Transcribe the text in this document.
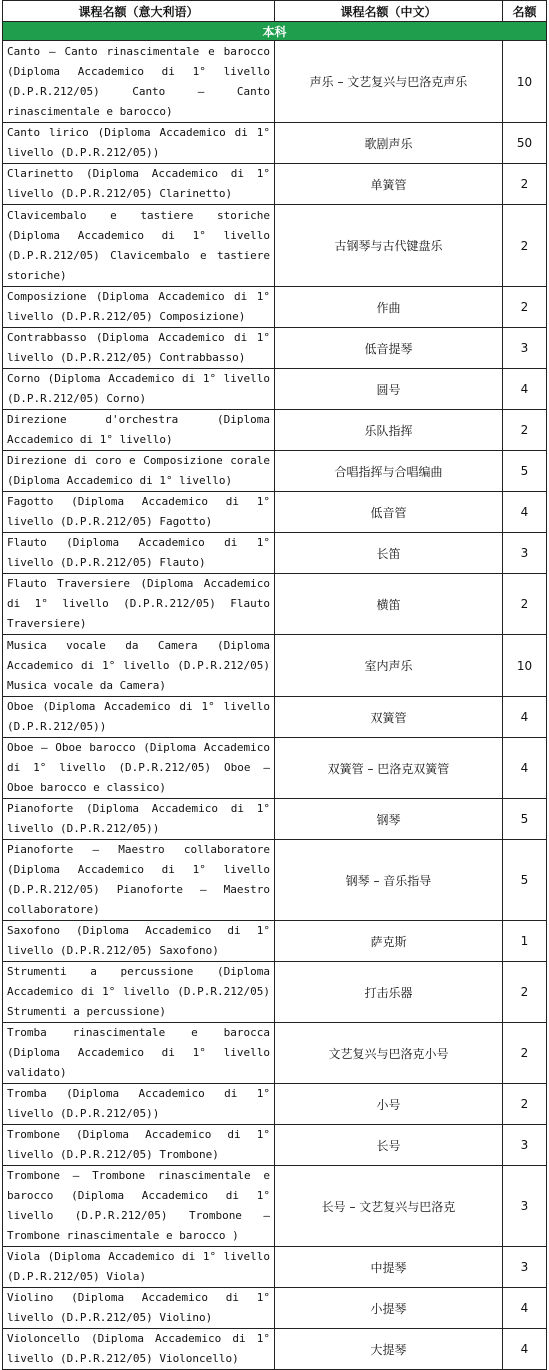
课程名额（意大利语）	课程名额（中文）	名额
本科		
Canto – Canto rinascimentale e barocco (Diploma Accademico di 1° livello (D.P.R.212/05) Canto – Canto rinascimentale e barocco)	声乐 – 文艺复兴与巴洛克声乐	10
Canto lirico (Diploma Accademico di 1° livello (D.P.R.212/05))	歌剧声乐	50
Clarinetto (Diploma Accademico di 1° livello (D.P.R.212/05) Clarinetto)	单簧管	2
Clavicembalo e tastiere storiche (Diploma Accademico di 1° livello (D.P.R.212/05) Clavicembalo e tastiere storiche)	古钢琴与古代键盘乐	2
Composizione (Diploma Accademico di 1° livello (D.P.R.212/05) Composizione)	作曲	2
Contrabbasso (Diploma Accademico di 1° livello (D.P.R.212/05) Contrabbasso)	低音提琴	3
Corno (Diploma Accademico di 1° livello (D.P.R.212/05) Corno)	圆号	4
Direzione d'orchestra (Diploma Accademico di 1° livello)	乐队指挥	2
Direzione di coro e Composizione corale (Diploma Accademico di 1° livello)	合唱指挥与合唱编曲	5
Fagotto (Diploma Accademico di 1° livello (D.P.R.212/05) Fagotto)	低音管	4
Flauto (Diploma Accademico di 1° livello (D.P.R.212/05) Flauto)	长笛	3
Flauto Traversiere (Diploma Accademico di 1° livello (D.P.R.212/05) Flauto Traversiere)	横笛	2
Musica vocale da Camera (Diploma Accademico di 1° livello (D.P.R.212/05) Musica vocale da Camera)	室内声乐	10
Oboe (Diploma Accademico di 1° livello (D.P.R.212/05))	双簧管	4
Oboe – Oboe barocco (Diploma Accademico di 1° livello (D.P.R.212/05) Oboe – Oboe barocco e classico)	双簧管 – 巴洛克双簧管	4
Pianoforte (Diploma Accademico di 1° livello (D.P.R.212/05))	钢琴	5
Pianoforte – Maestro collaboratore (Diploma Accademico di 1° livello (D.P.R.212/05) Pianoforte – Maestro collaboratore)	钢琴 – 音乐指导	5
Saxofono (Diploma Accademico di 1° livello (D.P.R.212/05) Saxofono)	萨克斯	1
Strumenti a percussione (Diploma Accademico di 1° livello (D.P.R.212/05) Strumenti a percussione)	打击乐器	2
Tromba rinascimentale e barocca (Diploma Accademico di 1° livello validato)	文艺复兴与巴洛克小号	2
Tromba (Diploma Accademico di 1° livello (D.P.R.212/05))	小号	2
Trombone (Diploma Accademico di 1° livello (D.P.R.212/05) Trombone)	长号	3
Trombone – Trombone rinascimentale e barocco (Diploma Accademico di 1° livello (D.P.R.212/05) Trombone – Trombone rinascimentale e barocco )	长号 – 文艺复兴与巴洛克	3
Viola (Diploma Accademico di 1° livello (D.P.R.212/05) Viola)	中提琴	3
Violino (Diploma Accademico di 1° livello (D.P.R.212/05) Violino)	小提琴	4
Violoncello (Diploma Accademico di 1° livello (D.P.R.212/05) Violoncello)	大提琴	4
